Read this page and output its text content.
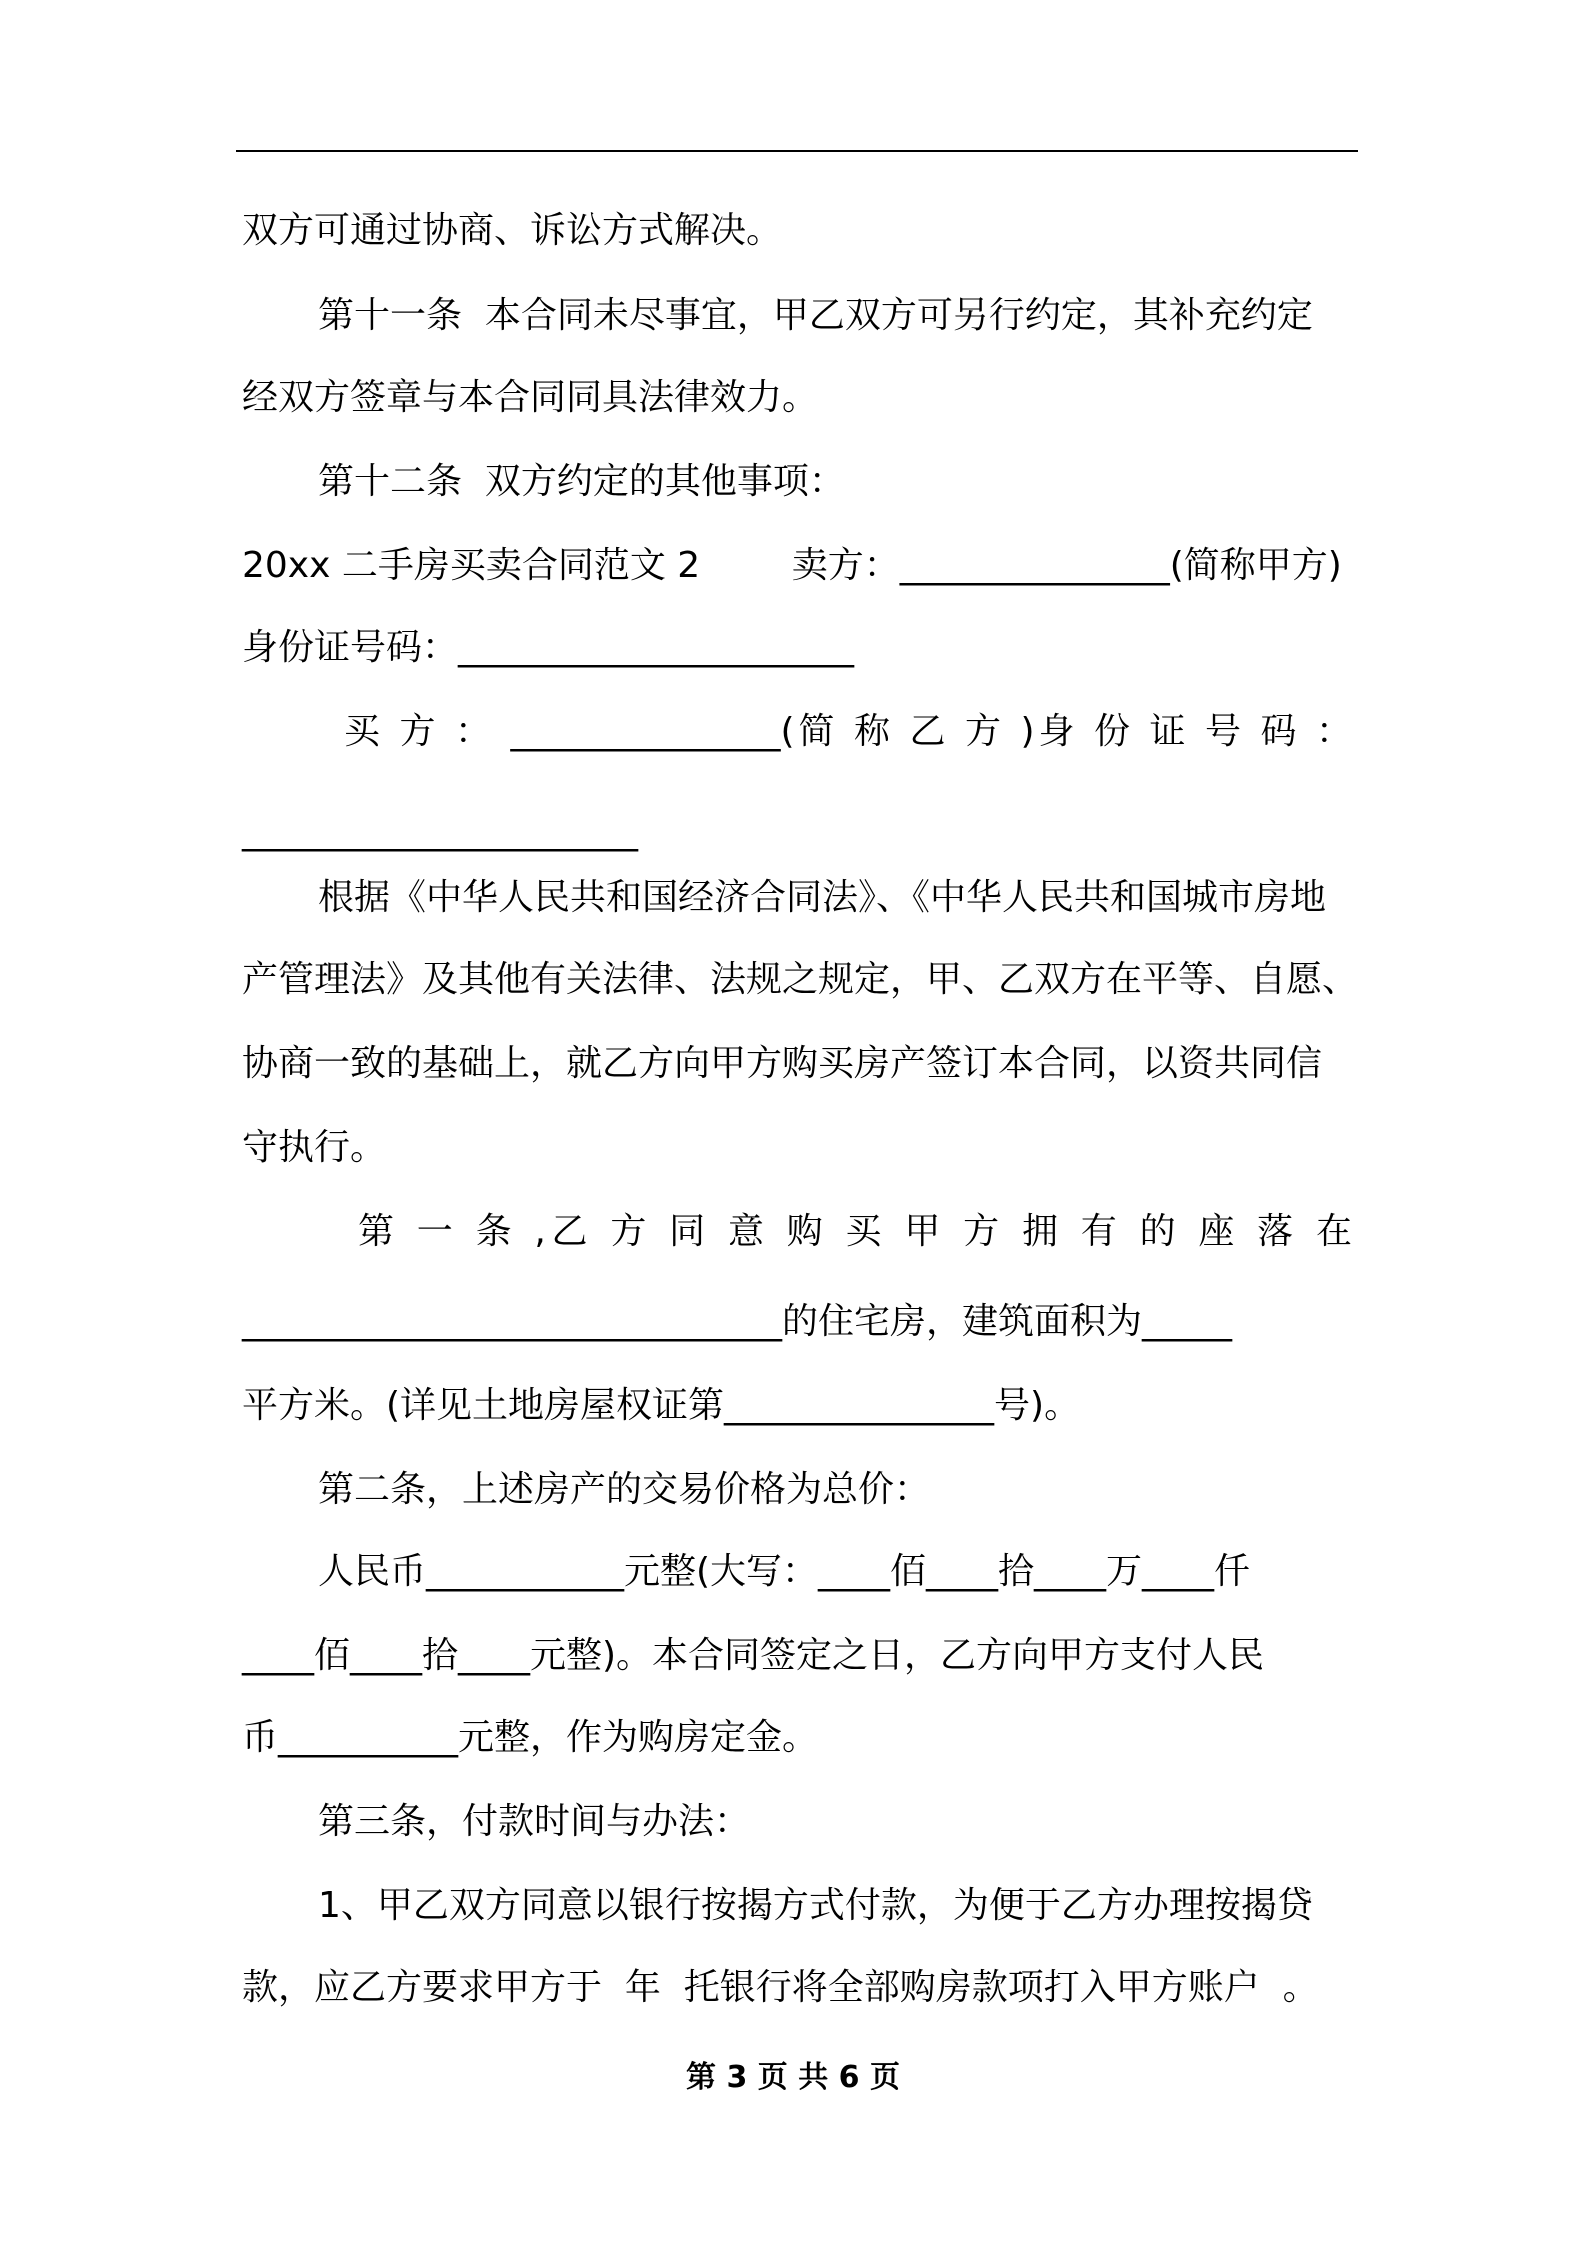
双方可通过协商、诉讼方式解决。
第十一条  本合同未尽事宜，甲乙双方可另行约定，其补充约定
经双方签章与本合同同具法律效力。
第十二条  双方约定的其他事项：
20xx 二手房买卖合同范文 2        卖方：_______________(简称甲方)
身份证号码：______________________
买 方 ： _______________(简 称 乙 方 )身 份 证 号 码 ：
______________________
根据《中华人民共和国经济合同法》、《中华人民共和国城市房地
产管理法》及其他有关法律、法规之规定，甲、乙双方在平等、自愿、
协商一致的基础上，就乙方向甲方购买房产签订本合同，以资共同信
守执行。
第 一 条 ,乙 方 同 意 购 买 甲 方 拥 有 的 座 落 在
______________________________的住宅房，建筑面积为_____
平方米。(详见土地房屋权证第_______________号)。
第二条，上述房产的交易价格为总价：
人民币___________元整(大写：____佰____拾____万____仟
____佰____拾____元整)。本合同签定之日，乙方向甲方支付人民
币__________元整，作为购房定金。
第三条，付款时间与办法：
1、甲乙双方同意以银行按揭方式付款，为便于乙方办理按揭贷
款，应乙方要求甲方于  年  托银行将全部购房款项打入甲方账户  。
第 3 页 共 6 页
